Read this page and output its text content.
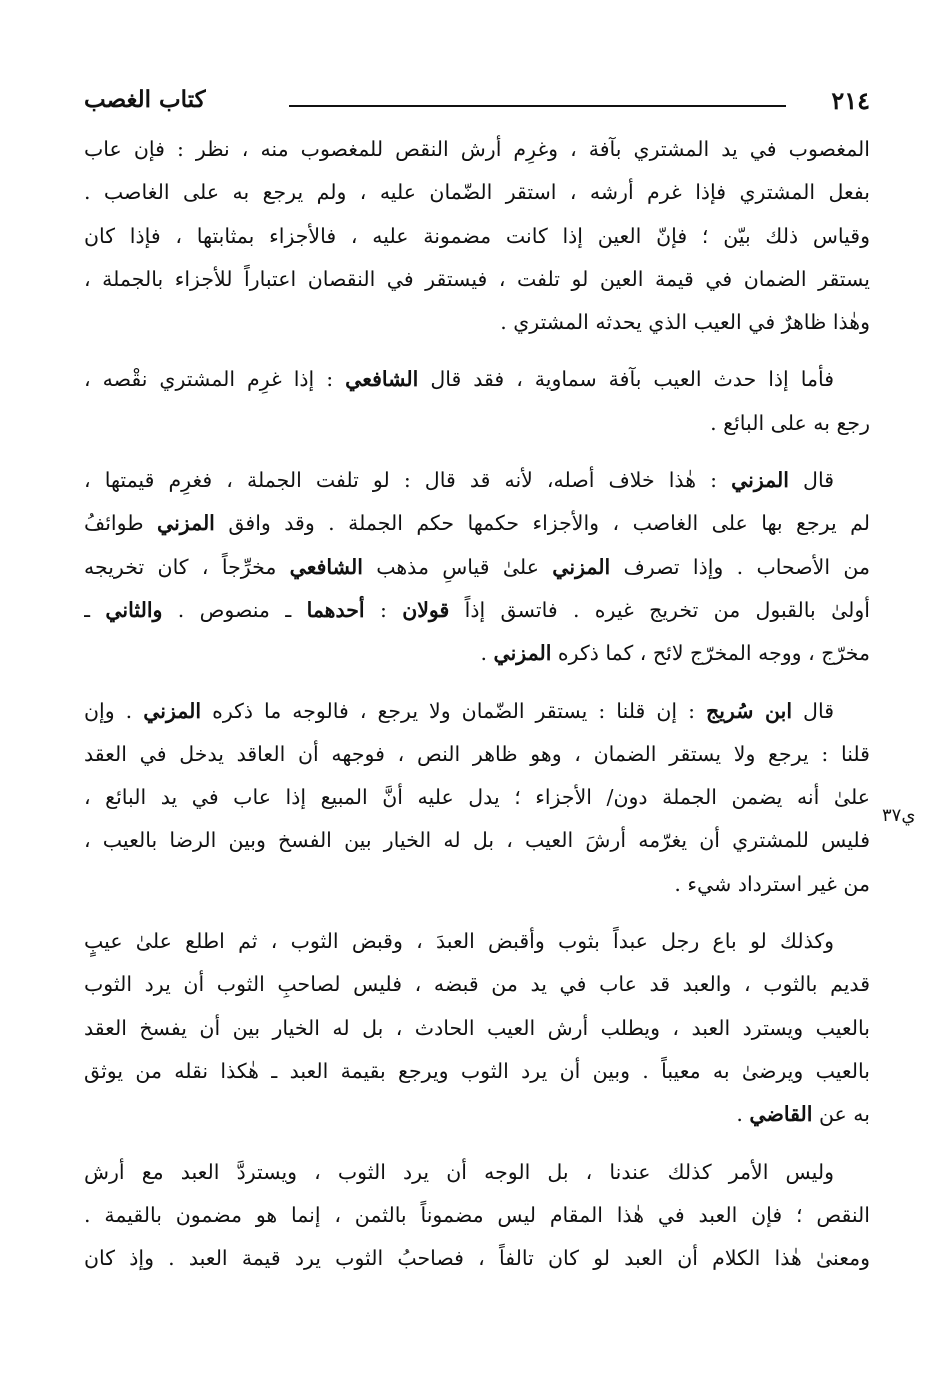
٢١٤
كتاب الغصب
ي٣٧
المغصوب في يد المشتري بآفة ، وغرِم أرش النقص للمغصوب منه ، نظر : فإن عاب
بفعل المشتري فإذا غرم أرشه ، استقر الضّمان عليه ، ولم يرجع به على الغاصب .
وقياس ذلك بيّن ؛ فإنّ العين إذا كانت مضمونة عليه ، فالأجزاء بمثابتها ، فإذا كان
يستقر الضمان في قيمة العين لو تلفت ، فيستقر في النقصان اعتباراً للأجزاء بالجملة ،
وهٰذا ظاهرٌ في العيب الذي يحدثه المشتري .
فأما إذا حدث العيب بآفة سماوية ، فقد قال الشافعي : إذا غرِم المشتري نقْصه ،
رجع به على البائع .
قال المزني : هٰذا خلاف أصله، لأنه قد قال : لو تلفت الجملة ، فغرِم قيمتها ،
لم يرجع بها على الغاصب ، والأجزاء حكمها حكم الجملة . وقد وافق المزني طوائفُ
من الأصحاب . وإذا تصرف المزني علىٰ قياسِ مذهب الشافعي مخرِّجاً ، كان تخريجه
أولىٰ بالقبول من تخريج غيره . فاتسق إذاً قولان : أحدهما ـ منصوص . والثاني ـ
مخرّج ، ووجه المخرّج لائح ، كما ذكره المزني .
قال ابن سُريج : إن قلنا : يستقر الضّمان ولا يرجع ، فالوجه ما ذكره المزني . وإن
قلنا : يرجع ولا يستقر الضمان ، وهو ظاهر النص ، فوجهه أن العاقد يدخل في العقد
علىٰ أنه يضمن الجملة دون/ الأجزاء ؛ يدل عليه أنَّ المبيع إذا عاب في يد البائع ،
فليس للمشتري أن يغرّمه أرشَ العيب ، بل له الخيار بين الفسخ وبين الرضا بالعيب ،
من غير استرداد شيء .
وكذلك لو باع رجل عبداً بثوب وأقبض العبدَ ، وقبض الثوب ، ثم اطلع علىٰ عيبٍ
قديم بالثوب ، والعبد قد عاب في يد من قبضه ، فليس لصاحبِ الثوب أن يرد الثوب
بالعيب ويسترد العبد ، ويطلب أرش العيب الحادث ، بل له الخيار بين أن يفسخ العقد
بالعيب ويرضىٰ به معيباً . وبين أن يرد الثوب ويرجع بقيمة العبد ـ هٰكذا نقله من يوثق
به عن القاضي .
وليس الأمر كذلك عندنا ، بل الوجه أن يرد الثوب ، ويستردَّ العبد مع أرش
النقص ؛ فإن العبد في هٰذا المقام ليس مضموناً بالثمن ، إنما هو مضمون بالقيمة .
ومعنىٰ هٰذا الكلام أن العبد لو كان تالفاً ، فصاحبُ الثوب يرد قيمة العبد . وإذ كان
